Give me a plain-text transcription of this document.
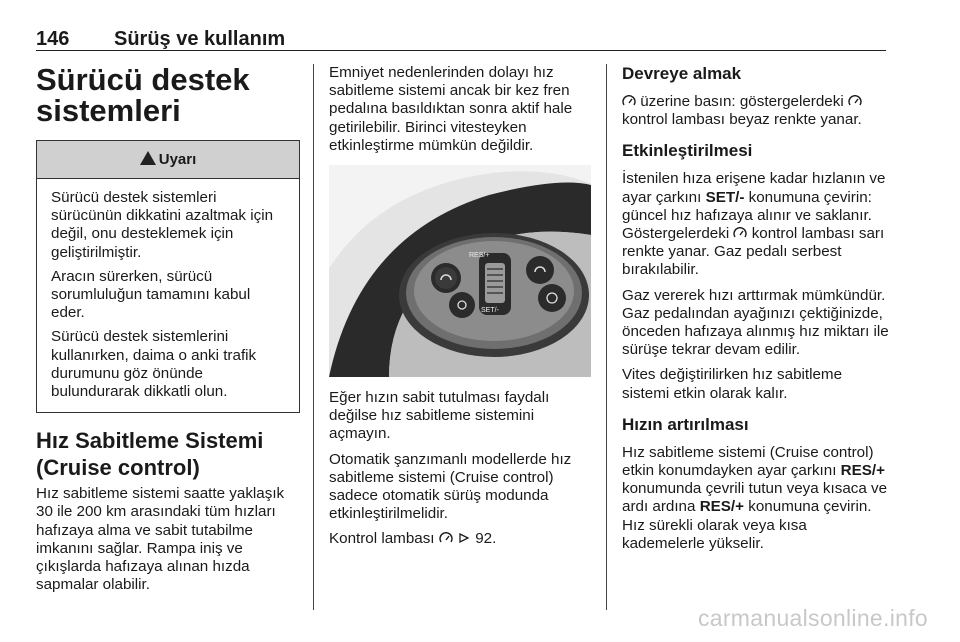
146 Sürüş ve kullanım
Sürücü destek
sistemleri
!Uyarı

Sürücü destek sistemleri sürücünün dikkatini azaltmak için değil, onu desteklemek için geliştirilmiştir.

Aracın sürerken, sürücü sorumluluğun tamamını kabul eder.

Sürücü destek sistemlerini kullanırken, daima o anki trafik durumunu göz önünde bulundurarak dikkatli olun.

Hız Sabitleme Sistemi
(Cruise control)

Hız sabitleme sistemi saatte yaklaşık 30 ile 200 km arasındaki tüm hızları hafızaya alma ve sabit tutabilme imkanını sağlar. Rampa iniş ve çıkışlarda hafızaya alınan hızda sapmalar olabilir.

Emniyet nedenlerinden dolayı hız sabitleme sistemi ancak bir kez fren pedalına basıldıktan sonra aktif hale getirilebilir. Birinci vitesteyken etkinleştirme mümkün değildir.

RES/+
SET/-

Eğer hızın sabit tutulması faydalı değilse hız sabitleme sistemini açmayın.

Otomatik şanzımanlı modellerde hız sabitleme sistemi (Cruise control) sadece otomatik sürüş modunda etkinleştirilmelidir.

Kontrol lambası	92.

Devreye almak

üzerine basın: göstergelerdeki  kontrol lambası beyaz renkte yanar.

Etkinleştirilmesi

İstenilen hıza erişene kadar hızlanın ve ayar çarkını SET/- konumuna çevirin: güncel hız hafızaya alınır ve saklanır. Göstergelerdeki kontrol lambası sarı renkte yanar. Gaz pedalı serbest bırakılabilir.

Gaz vererek hızı arttırmak mümkündür. Gaz pedalından ayağınızı çektiğinizde, önceden hafızaya alınmış hız miktarı ile sürüşe tekrar devam edilir.

Vites değiştirilirken hız sabitleme sistemi etkin olarak kalır.

Hızın artırılması

Hız sabitleme sistemi (Cruise control) etkin konumdayken ayar çarkını RES/+ konumunda çevrili tutun veya kısaca ve ardı ardına RES/+ konumuna çevirin. Hız sürekli olarak veya kısa kademelerle yükselir.

carmanualsonline.info
